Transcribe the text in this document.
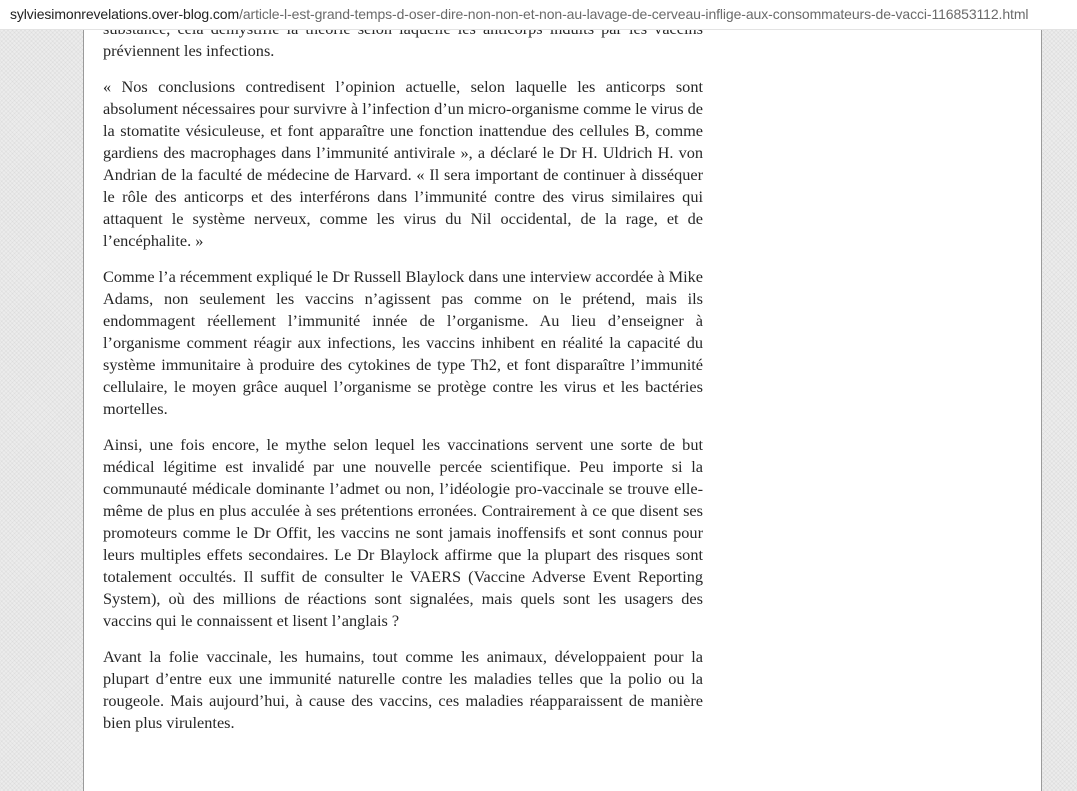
sylviesimonrevelations.over-blog.com/article-l-est-grand-temps-d-oser-dire-non-non-et-non-au-lavage-de-cerveau-inflige-aux-consommateurs-de-vacci-116853112.html

préviennent les infections.

« Nos conclusions contredisent l’opinion actuelle, selon laquelle les anticorps sont absolument nécessaires pour survivre à l’infection d’un micro-organisme comme le virus de la stomatite vésiculeuse, et font apparaître une fonction inattendue des cellules B, comme gardiens des macrophages dans l’immunité antivirale », a déclaré le Dr H. Uldrich H. von Andrian de la faculté de médecine de Harvard. « Il sera important de continuer à disséquer le rôle des anticorps et des interférons dans l’immunité contre des virus similaires qui attaquent le système nerveux, comme les virus du Nil occidental, de la rage, et de l’encéphalite. »

Comme l’a récemment expliqué le Dr Russell Blaylock dans une interview accordée à Mike Adams, non seulement les vaccins n’agissent pas comme on le prétend, mais ils endommagent réellement l’immunité innée de l’organisme. Au lieu d’enseigner à l’organisme comment réagir aux infections, les vaccins inhibent en réalité la capacité du système immunitaire à produire des cytokines de type Th2, et font disparaître l’immunité cellulaire, le moyen grâce auquel l’organisme se protège contre les virus et les bactéries mortelles.

Ainsi, une fois encore, le mythe selon lequel les vaccinations servent une sorte de but médical légitime est invalidé par une nouvelle percée scientifique. Peu importe si la communauté médicale dominante l’admet ou non, l’idéologie pro-vaccinale se trouve elle-même de plus en plus acculée à ses prétentions erronées. Contrairement à ce que disent ses promoteurs comme le Dr Offit, les vaccins ne sont jamais inoffensifs et sont connus pour leurs multiples effets secondaires. Le Dr Blaylock affirme que la plupart des risques sont totalement occultés. Il suffit de consulter le VAERS (Vaccine Adverse Event Reporting System), où des millions de réactions sont signalées, mais quels sont les usagers des vaccins qui le connaissent et lisent l’anglais ?

Avant la folie vaccinale, les humains, tout comme les animaux, développaient pour la plupart d’entre eux une immunité naturelle contre les maladies telles que la polio ou la rougeole. Mais aujourd’hui, à cause des vaccins, ces maladies réapparaissent de manière bien plus virulentes.
